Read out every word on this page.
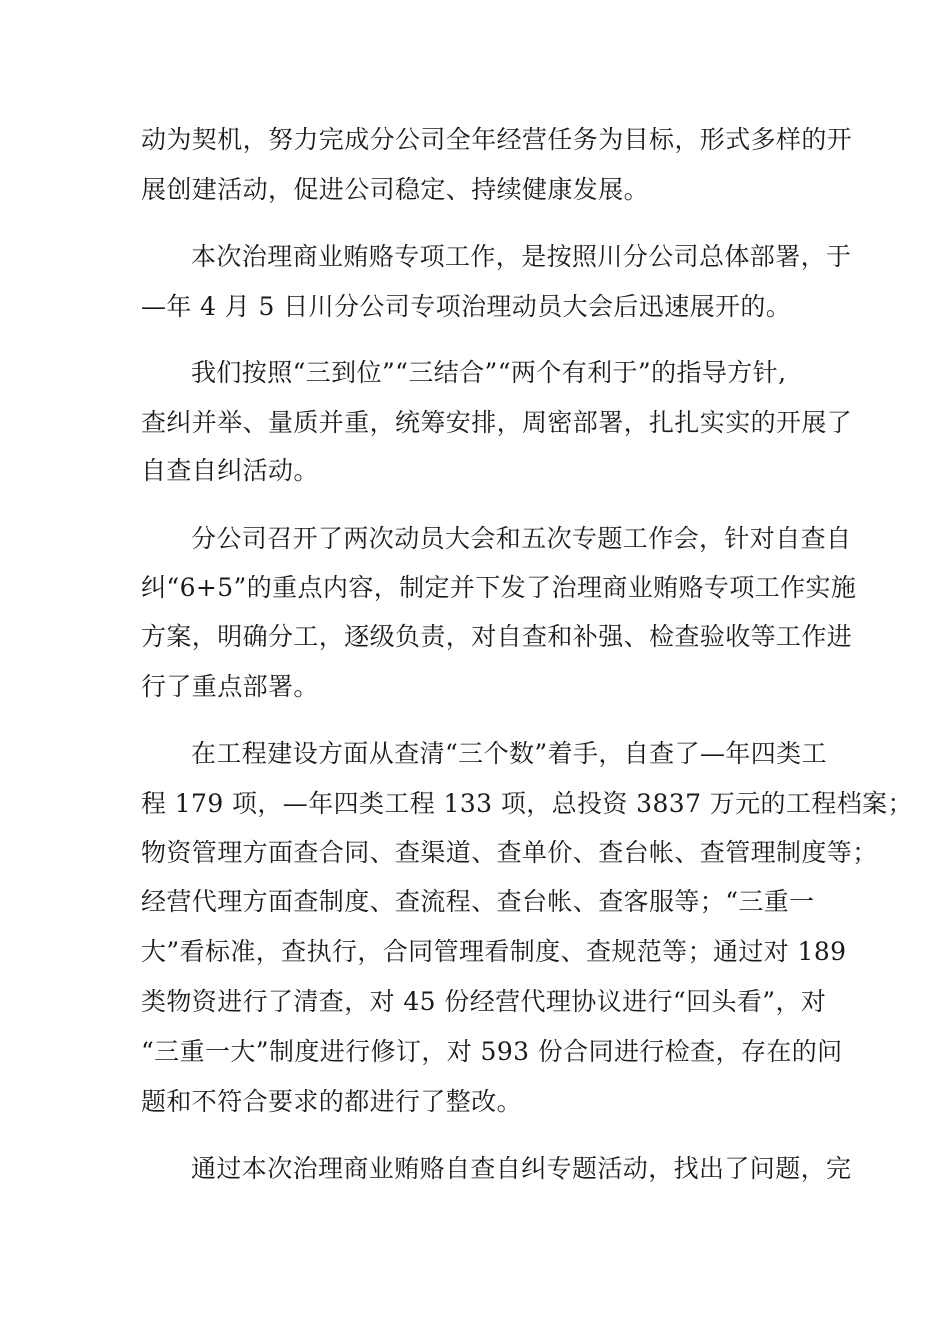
动为契机，努力完成分公司全年经营任务为目标，形式多样的开
展创建活动，促进公司稳定、持续健康发展。
本次治理商业贿赂专项工作，是按照川分公司总体部署，于
—年 4 月 5 日川分公司专项治理动员大会后迅速展开的。
我们按照“三到位”“三结合”“两个有利于”的指导方针,
查纠并举、量质并重，统筹安排，周密部署，扎扎实实的开展了
自查自纠活动。
分公司召开了两次动员大会和五次专题工作会，针对自查自
纠“6+5”的重点内容，制定并下发了治理商业贿赂专项工作实施
方案，明确分工，逐级负责，对自查和补强、检查验收等工作进
行了重点部署。
在工程建设方面从查清“三个数”着手，自查了—年四类工
程 179 项，—年四类工程 133 项，总投资 3837 万元的工程档案；
物资管理方面查合同、查渠道、查单价、查台帐、查管理制度等；
经营代理方面查制度、查流程、查台帐、查客服等；“三重一
大”看标准，查执行，合同管理看制度、查规范等；通过对 189
类物资进行了清查，对 45 份经营代理协议进行“回头看”，对
“三重一大”制度进行修订，对 593 份合同进行检查，存在的问
题和不符合要求的都进行了整改。
通过本次治理商业贿赂自查自纠专题活动，找出了问题，完
